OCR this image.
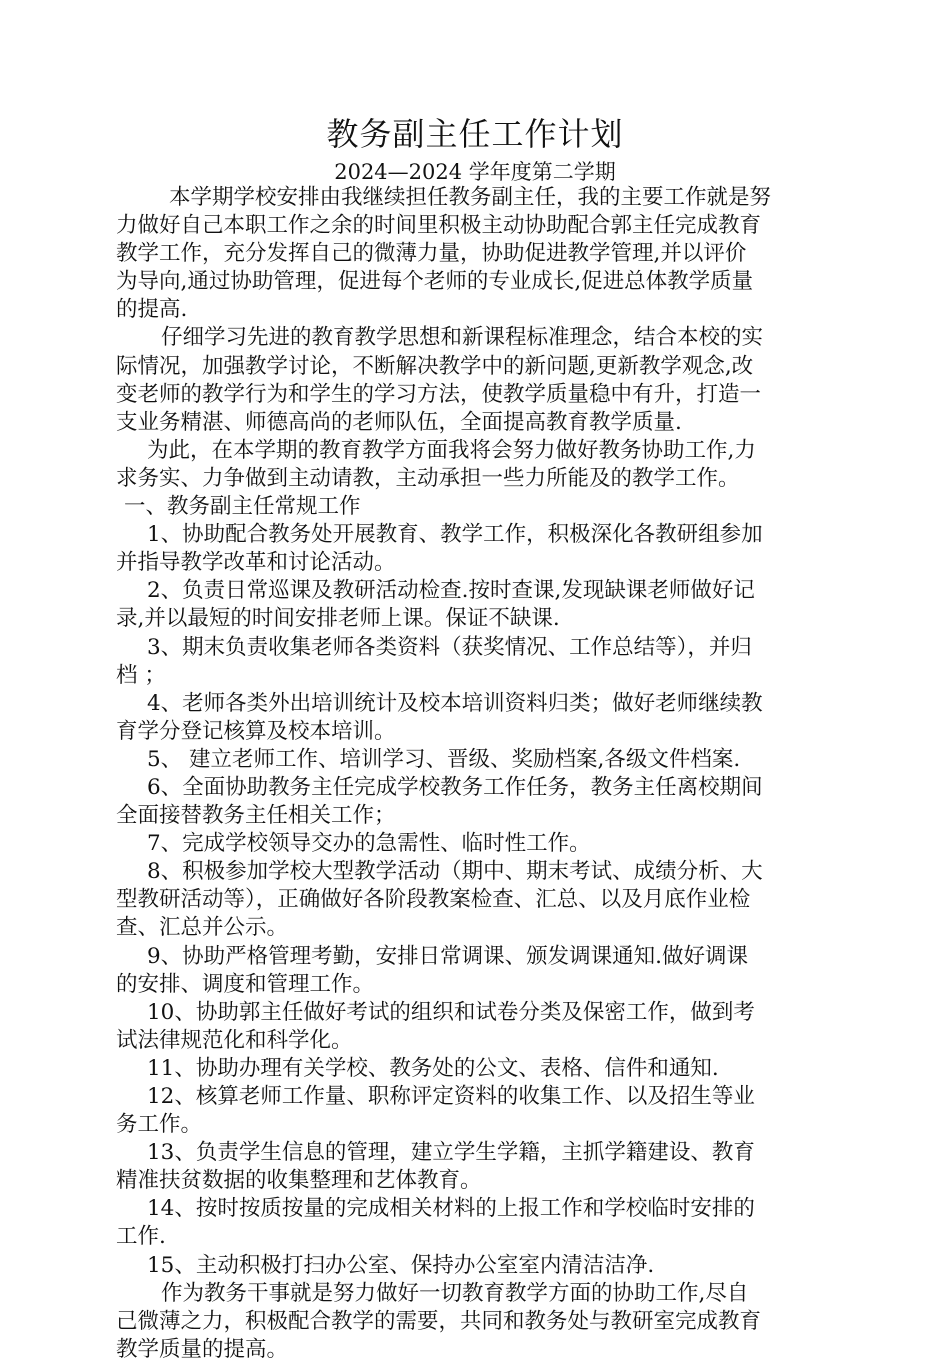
教务副主任工作计划
2024—2024 学年度第二学期
本学期学校安排由我继续担任教务副主任，我的主要工作就是努
力做好自己本职工作之余的时间里积极主动协助配合郭主任完成教育
教学工作，充分发挥自己的微薄力量，协助促进教学管理,并以评价
为导向,通过协助管理，促进每个老师的专业成长,促进总体教学质量
的提高.
仔细学习先进的教育教学思想和新课程标准理念，结合本校的实
际情况，加强教学讨论，不断解决教学中的新问题,更新教学观念,改
变老师的教学行为和学生的学习方法，使教学质量稳中有升，打造一
支业务精湛、师德高尚的老师队伍，全面提高教育教学质量.
为此，在本学期的教育教学方面我将会努力做好教务协助工作,力
求务实、力争做到主动请教，主动承担一些力所能及的教学工作。
一、教务副主任常规工作
1、协助配合教务处开展教育、教学工作，积极深化各教研组参加
并指导教学改革和讨论活动。
2、负责日常巡课及教研活动检查.按时查课,发现缺课老师做好记
录,并以最短的时间安排老师上课。保证不缺课.
3、期末负责收集老师各类资料（获奖情况、工作总结等），并归
档 ；
4、老师各类外出培训统计及校本培训资料归类；做好老师继续教
育学分登记核算及校本培训。
5、 建立老师工作、培训学习、晋级、奖励档案,各级文件档案.
6、全面协助教务主任完成学校教务工作任务，教务主任离校期间
全面接替教务主任相关工作；
7、完成学校领导交办的急需性、临时性工作。
8、积极参加学校大型教学活动（期中、期末考试、成绩分析、大
型教研活动等），正确做好各阶段教案检查、汇总、以及月底作业检
查、汇总并公示。
9、协助严格管理考勤，安排日常调课、颁发调课通知.做好调课
的安排、调度和管理工作。
10、协助郭主任做好考试的组织和试卷分类及保密工作，做到考
试法律规范化和科学化。
11、协助办理有关学校、教务处的公文、表格、信件和通知.
12、核算老师工作量、职称评定资料的收集工作、以及招生等业
务工作。
13、负责学生信息的管理，建立学生学籍，主抓学籍建设、教育
精准扶贫数据的收集整理和艺体教育。
14、按时按质按量的完成相关材料的上报工作和学校临时安排的
工作.
15、主动积极打扫办公室、保持办公室室内清洁洁净.
作为教务干事就是努力做好一切教育教学方面的协助工作,尽自
己微薄之力，积极配合教学的需要，共同和教务处与教研室完成教育
教学质量的提高。
